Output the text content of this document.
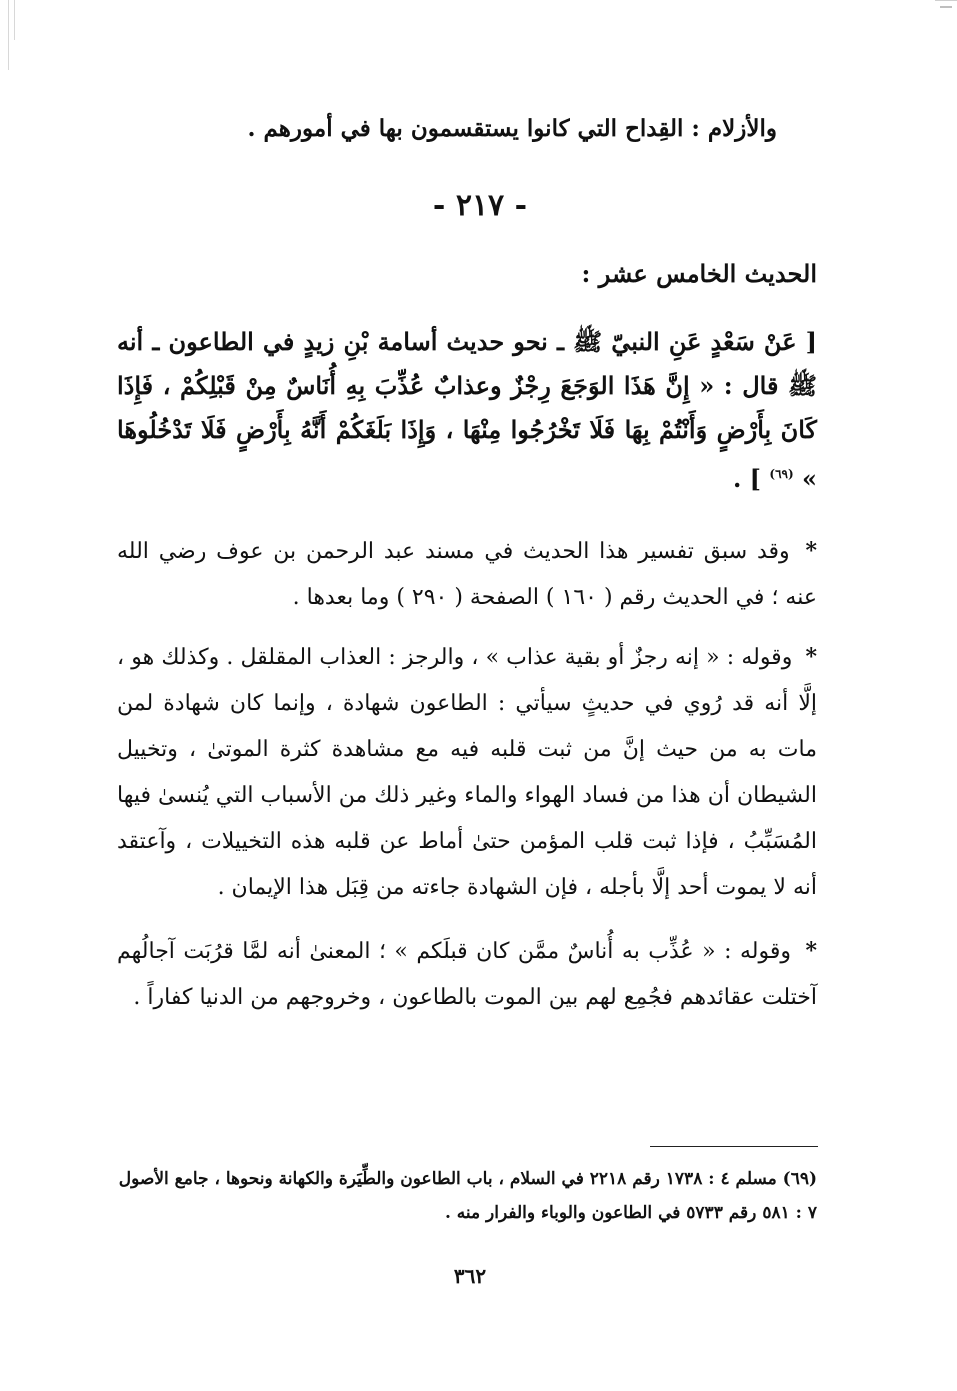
والأزلام : القِداح التي كانوا يستقسمون بها في أمورهم .
- ٢١٧ -
الحديث الخامس عشر :
[ عَنْ سَعْدٍ عَنِ النبيّ ﷺ ـ نحو حديث أسامة بْنِ زيدٍ في الطاعون ـ أنه ﷺ قال : « إِنَّ هَذَا الوَجَعَ رِجْزٌ وعذابٌ عُذِّبَ بِهِ أُنَاسٌ مِنْ قَبْلِكُمْ ، فَإِذَا كَانَ بِأَرْضٍ وَأَنْتُمْ بِهَا فَلَا تَخْرُجُوا مِنْهَا ، وَإِذَا بَلَغَكُمْ أَنَّهُ بِأَرْضٍ فَلَا تَدْخُلُوهَا » $^{(٦٩)}$ ] .
* وقد سبق تفسير هذا الحديث في مسند عبد الرحمن بن عوف رضي الله عنه ؛ في الحديث رقم ( ١٦٠ ) الصفحة ( ٢٩٠ ) وما بعدها .
* وقوله : « إنه رجزٌ أو بقية عذاب » ، والرجز : العذاب المقلقل . وكذلك هو ، إلَّا أنه قد رُوي في حديثٍ سيأتي : الطاعون شهادة ، وإنما كان شهادة لمن مات به من حيث إنَّ من ثبت قلبه فيه مع مشاهدة كثرة الموتىٰ ، وتخييل الشيطان أن هذا من فساد الهواء والماء وغير ذلك من الأسباب التي يُنسىٰ فيها المُسَبِّبُ ، فإذا ثبت قلب المؤمن حتىٰ أماط عن قلبه هذه التخييلات ، وآعتقد أنه لا يموت أحد إلَّا بأجله ، فإن الشهادة جاءته من قِبَل هذا الإيمان .
* وقوله : « عُذِّب به أُناسٌ ممَّن كان قبلَكم » ؛ المعنىٰ أنه لمَّا قرُبَت آجالُهم آختلت عقائدهم فجُمِع لهم بين الموت بالطاعون ، وخروجهم من الدنيا كفاراً .
(٦٩) مسلم ٤ : ١٧٣٨ رقم ٢٢١٨ في السلام ، باب الطاعون والطِّيَرة والكهانة ونحوها ، جامع الأصول ٧ : ٥٨١ رقم ٥٧٣٣ في الطاعون والوباء والفرار منه .
٣٦٢
